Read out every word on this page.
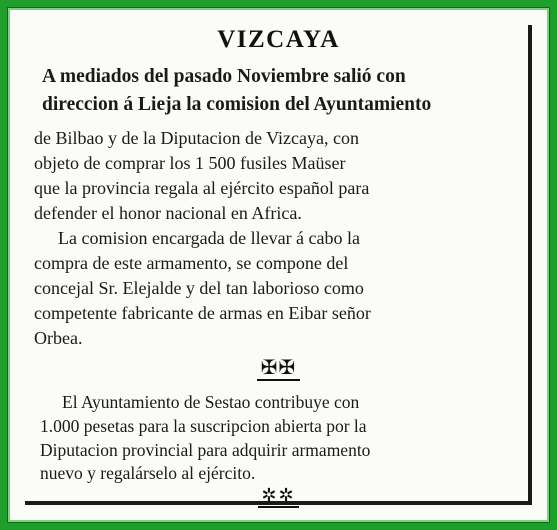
VIZCAYA
A mediados del pasado Noviembre salió con
direccion á Lieja la comision del Ayuntamiento
de Bilbao y de la Diputacion de Vizcaya, con
objeto de comprar los 1 500 fusiles Maüser
que la provincia regala al ejército español para
defender el honor nacional en Africa.
La comision encargada de llevar á cabo la
compra de este armamento, se compone del
concejal Sr. Elejalde y del tan laborioso como
competente fabricante de armas en Eibar señor
Orbea.
✠✠
El Ayuntamiento de Sestao contribuye con
1.000 pesetas para la suscripcion abierta por la
Diputacion provincial para adquirir armamento
nuevo y regalárselo al ejército.
✲✲
